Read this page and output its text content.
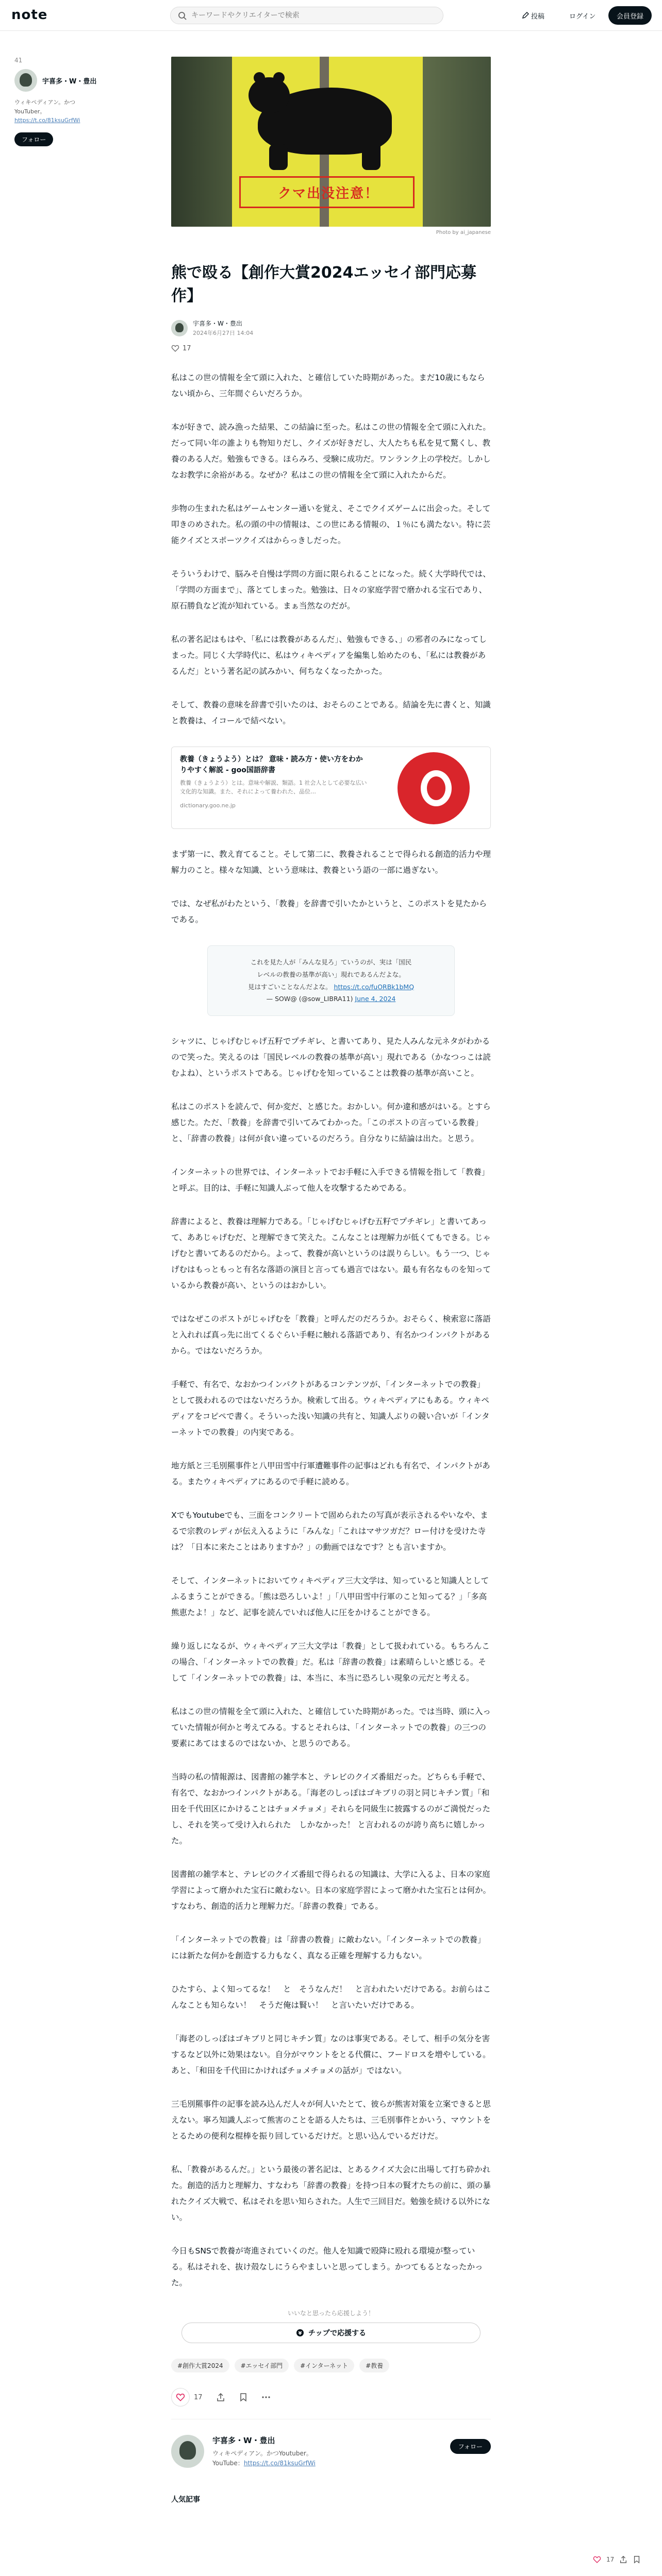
note
キーワードやクリエイターで検索	投稿	ログイン	会員登録
41
宇喜多・W・豊出
ウィキペディアン。かつ
YouTuber。
https://t.co/81ksuGrfWi
フォロー
クマ出没注意！
Photo by ai_japanese
熊で殴る【創作大賞2024エッセイ部門応募作】
宇喜多・W・豊出
2024年6月27日 14:04
17

私はこの世の情報を全て頭に入れた、と確信していた時期があった。まだ10歳にもならない頃から、三年間ぐらいだろうか。

本が好きで、読み漁った結果、この結論に至った。私はこの世の情報を全て頭に入れた。だって同い年の誰よりも物知りだし、クイズが好きだし、大人たちも私を見て驚くし、教養のある人だ。勉強もできる。ほらみろ、受験に成功だ。ワンランク上の学校だ。しかしなお教学に余裕がある。なぜか？私はこの世の情報を全て頭に入れたからだ。

歩物の生まれた私はゲームセンター通いを覚え、そこでクイズゲームに出会った。そして叩きのめされた。私の頭の中の情報は、この世にある情報の、１％にも満たない。特に芸能クイズとスポーツクイズはからっきしだった。

そういうわけで、脳みそ自慢は学問の方面に限られることになった。続く大学時代では、「学問の方面まで」、落とてしまった。勉強は、日々の家庭学習で磨かれる宝石であり、原石勝負など流が知れている。まぁ当然なのだが。

私の著名記はもはや、「私には教養があるんだ」、勉強もできる、」の邪者のみになってしまった。同じく大学時代に、私はウィキペディアを編集し始めたのも、「私には教養があるんだ」という著名記の試みかい、何ちなくなったかった。

そして、教養の意味を辞書で引いたのは、おそらのことである。結論を先に書くと、知識と教養は、イコールで結べない。

教養（きょうよう）とは？ 意味・読み方・使い方をわかりやすく解説 - goo国語辞書
教養（きょうよう）とは。意味や解説、類語。1 社会人として必要な広い文化的な知識。また、それによって養われた、品位…
dictionary.goo.ne.jp

まず第一に、教え育てること。そして第二に、教養されることで得られる創造的活力や理解力のこと。様々な知識、という意味は、教養という語の一部に過ぎない。

では、なぜ私がわたという、「教養」を辞書で引いたかというと、このポストを見たからである。

これを見た人が「みんな見ろ」ていうのが、実は「国民
レベルの教養の基準が高い」現れであるんだよな。
見はすごいことなんだよな。 https://t.co/fuORBk1bMQ
— SOW@ (@sow_LIBRA11) June 4, 2024

シャツに、じゃげむじゃげ五籽でプチギレ、と書いてあり、見た人みんな元ネタがわかるので笑った。笑えるのは「国民レベルの教養の基準が高い」現れである（かなつっこは読むよね）、というポストである。じゃげむを知っていることは教養の基準が高いこと。

私はこのポストを読んで、何か変だ、と感じた。おかしい。何か違和感がはいる。とすら感じた。ただ、「教養」を辞書で引いてみてわかった。「このポストの言っている教養」と、「辞書の教養」は何が食い違っているのだろう。自分なりに結論は出た。と思う。

インターネットの世界では、インターネットでお手軽に入手できる情報を指して「教養」と呼ぶ。目的は、手軽に知識人ぶって他人を攻撃するためである。

辞書によると、教養は理解力である。「じゃげむじゃげむ五籽でプチギレ」と書いてあって、ああじゃげむだ、と理解できて笑えた。こんなことは理解力が低くてもできる。じゃげむと書いてあるのだから。よって、教養が高いというのは誤りらしい。もう一つ、じゃげむはもっともっと有名な落語の演目と言っても過言ではない。最も有名なものを知っているから教養が高い、というのはおかしい。

ではなぜこのポストがじゃげむを「教養」と呼んだのだろうか。おそらく、検索窓に落語と入れれば真っ先に出てくるぐらい手軽に触れる落語であり、有名かつインパクトがあるから。ではないだろうか。

手軽で、有名で、なおかつインパクトがあるコンテンツが、「インターネットでの教養」として扱われるのではないだろうか。検索して出る。ウィキペディアにもある。ウィキペディアをコピペで書く。そういった浅い知識の共有と、知識人ぶりの競い合いが「インターネットでの教養」の内実である。

地方紙と三毛別羆事件と八甲田雪中行軍遭難事件の記事はどれも有名で、インパクトがある。またウィキペディアにあるので手軽に読める。

XでもYoutubeでも、三面をコンクリートで固められたの写真が表示されるやいなや、まるで宗教のレディが伝え入るように「みんな」「これはマサツガだ？ロー付けを受けた寺は？「日本に来たことはありますか？」の動画でほなです？とも言いますか。

そして、インターネットにおいてウィキペディア三大文学は、知っていると知識人としてふるまうことができる。「熊は恐ろしいよ！」「八甲田雪中行軍のこと知ってる？」「多高熊恵たよ！」など、記事を読んでいれば他人に圧をかけることができる。

繰り返しになるが、ウィキペディア三大文学は「教養」として扱われている。もちろんこの場合、「インターネットでの教養」だ。私は「辞書の教養」は素晴らしいと感じる。そして「インターネットでの教養」は、本当に、本当に恐ろしい現象の元だと考える。

私はこの世の情報を全て頭に入れた、と確信していた時期があった。では当時、頭に入っていた情報が何かと考えてみる。するとそれらは、「インターネットでの教養」の三つの要素にあてはまるのではないか、と思うのである。

当時の私の情報源は、図書館の雑学本と、テレビのクイズ番組だった。どちらも手軽で、有名で、なおかつインパクトがある。「海老のしっぽはゴキブリの羽と同じキチン質」「和田を千代田区にかけることはチョメチョメ」それらを同級生に披露するのがご満悦だったし、それを笑って受け入れられた　しかなかった！ と言われるのが誇り高ちに嬉しかった。

図書館の雑学本と、テレビのクイズ番組で得られるの知識は、大学に入るよ、日本の家庭学習によって磨かれた宝石に敵わない。日本の家庭学習によって磨かれた宝石とは何か。すなわち、創造的活力と理解力だ。「辞書の教養」である。

「インターネットでの教養」は「辞書の教養」に敵わない。「インターネットでの教養」には新たな何かを創造する力もなく、真なる正確を理解する力もない。

ひたすら、よく知ってるな！　と　そうなんだ！　と言われたいだけである。お前らはこんなことも知らない！　そうだ俺は賢い！　と言いたいだけである。

「海老のしっぽはゴキブリと同じキチン質」なのは事実である。そして、相手の気分を害するなど以外に効果はない。自分がマウントをとる代償に、フードロスを増やしている。あと、「和田を千代田にかければチョメチョメの話が」ではない。

三毛別羆事件の記事を読み込んだ人々が何人いたとて、彼らが熊害対策を立案できると思えない。寧ろ知識人ぶって熊害のことを語る人たちは、三毛別事件とかいう、マウントをとるための便利な棍棒を振り回しているだけだ。と思い込んでいるだけだ。

私、「教養があるんだ。」という最後の著名記は、とあるクイズ大会に出場して打ち砕かれた。創造的活力と理解力、すなわち「辞書の教養」を持つ日本の賢才たちの前に、頭の暴れたクイズ大戦で、私はそれを思い知らされた。人生で三回目だ。勉強を続ける以外にない。

今日もSNSで教養が寄進されていくのだ。他人を知識で殴降に殴れる環境が整っている。私はそれを、抜け殻なしにうらやましいと思ってしまう。かつてもるとなったかった。

いいなと思ったら応援しよう！
¥ チップで応援する
#創作大賞2024	#エッセイ部門	#インターネット	#教養
17
宇喜多・W・豊出
ウィキペディアン。かつYoutuber。
YouTube：https://t.co/81ksuGrfWi
フォロー
人気記事
17
